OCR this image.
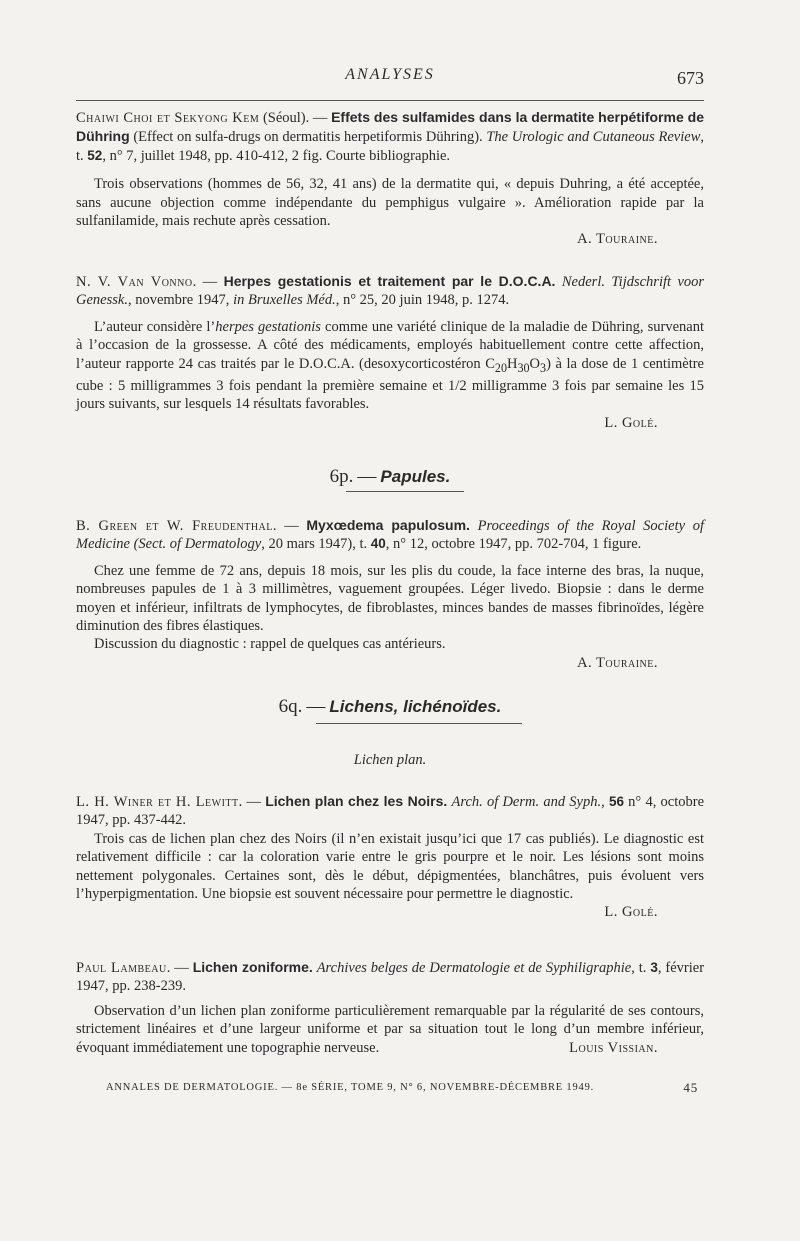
ANALYSES	673

Chaiwi Choi et Sekyong Kem (Séoul). — Effets des sulfamides dans la dermatite herpétiforme de Dühring (Effect on sulfa-drugs on dermatitis herpetiformis Dühring). The Urologic and Cutaneous Review, t. 52, n° 7, juillet 1948, pp. 410-412, 2 fig. Courte bibliographie.

Trois observations (hommes de 56, 32, 41 ans) de la dermatite qui, « depuis Duhring, a été acceptée, sans aucune objection comme indépendante du pemphigus vulgaire ». Amélioration rapide par la sulfanilamide, mais rechute après cessation.

A. Touraine.

N. V. Van Vonno. — Herpes gestationis et traitement par le D.O.C.A. Nederl. Tijdschrift voor Genessk., novembre 1947, in Bruxelles Méd., n° 25, 20 juin 1948, p. 1274.

L’auteur considère l’herpes gestationis comme une variété clinique de la maladie de Dühring, survenant à l’occasion de la grossesse. A côté des médicaments, employés habituellement contre cette affection, l’auteur rapporte 24 cas traités par le D.O.C.A. (desoxycorticostéron $C_{20}H_{30}O_3$) à la dose de 1 centimètre cube : 5 milligrammes 3 fois pendant la première semaine et 1/2 milligramme 3 fois par semaine les 15 jours suivants, sur lesquels 14 résultats favorables.

L. Golé.

6p. — Papules.

B. Green et W. Freudenthal. — Myxœdema papulosum. Proceedings of the Royal Society of Medicine (Sect. of Dermatology, 20 mars 1947), t. 40, n° 12, octobre 1947, pp. 702-704, 1 figure.

Chez une femme de 72 ans, depuis 18 mois, sur les plis du coude, la face interne des bras, la nuque, nombreuses papules de 1 à 3 millimètres, vaguement groupées. Léger livedo. Biopsie : dans le derme moyen et inférieur, infiltrats de lymphocytes, de fibroblastes, minces bandes de masses fibrinoïdes, légère diminution des fibres élastiques.

Discussion du diagnostic : rappel de quelques cas antérieurs.

A. Touraine.

6q. — Lichens, lichénoïdes.
Lichen plan.

L. H. Winer et H. Lewitt. — Lichen plan chez les Noirs. Arch. of Derm. and Syph., 56 n° 4, octobre 1947, pp. 437-442.

Trois cas de lichen plan chez des Noirs (il n’en existait jusqu’ici que 17 cas publiés). Le diagnostic est relativement difficile : car la coloration varie entre le gris pourpre et le noir. Les lésions sont moins nettement polygonales. Certaines sont, dès le début, dépigmentées, blanchâtres, puis évoluent vers l’hyperpigmentation. Une biopsie est souvent nécessaire pour permettre le diagnostic.

L. Golé.

Paul Lambeau. — Lichen zoniforme. Archives belges de Dermatologie et de Syphiligraphie, t. 3, février 1947, pp. 238-239.

Observation d’un lichen plan zoniforme particulièrement remarquable par la régularité de ses contours, strictement linéaires et d’une largeur uniforme et par sa situation tout le long d’un membre inférieur, évoquant immédiatement une topographie nerveuse.	Louis Vissian.

ANNALES DE DERMATOLOGIE. — 8e SÉRIE, TOME 9, N° 6, NOVEMBRE-DÉCEMBRE 1949.	45
